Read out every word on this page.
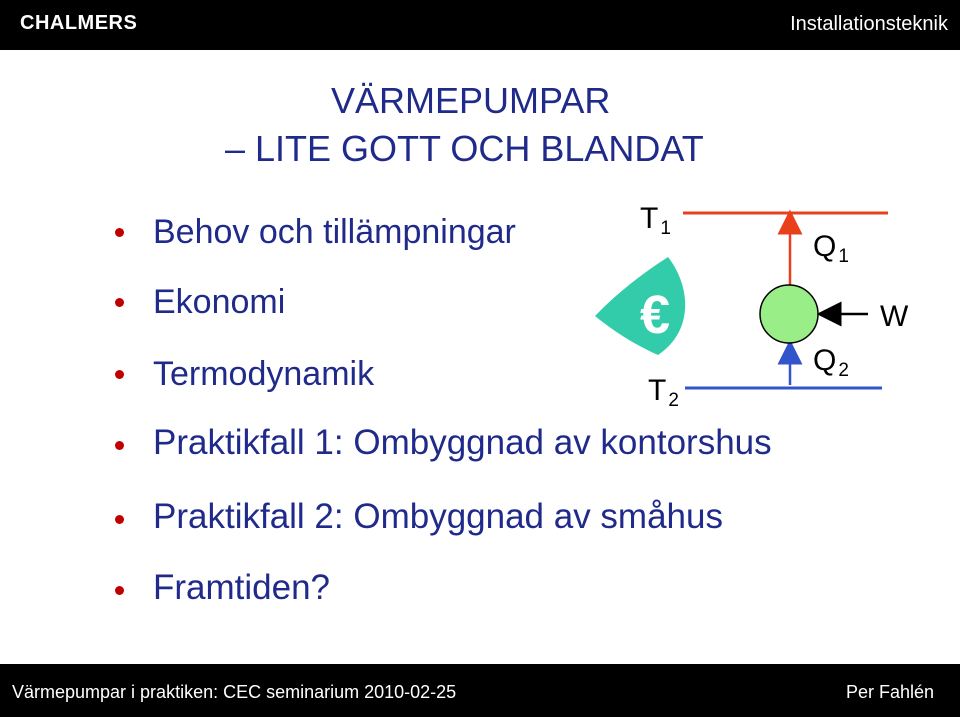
CHALMERS	Installationsteknik
VÄRMEPUMPAR
– LITE GOTT OCH BLANDAT
Behov och tillämpningar
Ekonomi
Termodynamik
Praktikfall 1: Ombyggnad av kontorshus
Praktikfall 2: Ombyggnad av småhus
Framtiden?
€
T $_1$
T $_2$
Q $_1$
Q $_2$
W
Värmepumpar i praktiken: CEC seminarium 2010-02-25	Per Fahlén
